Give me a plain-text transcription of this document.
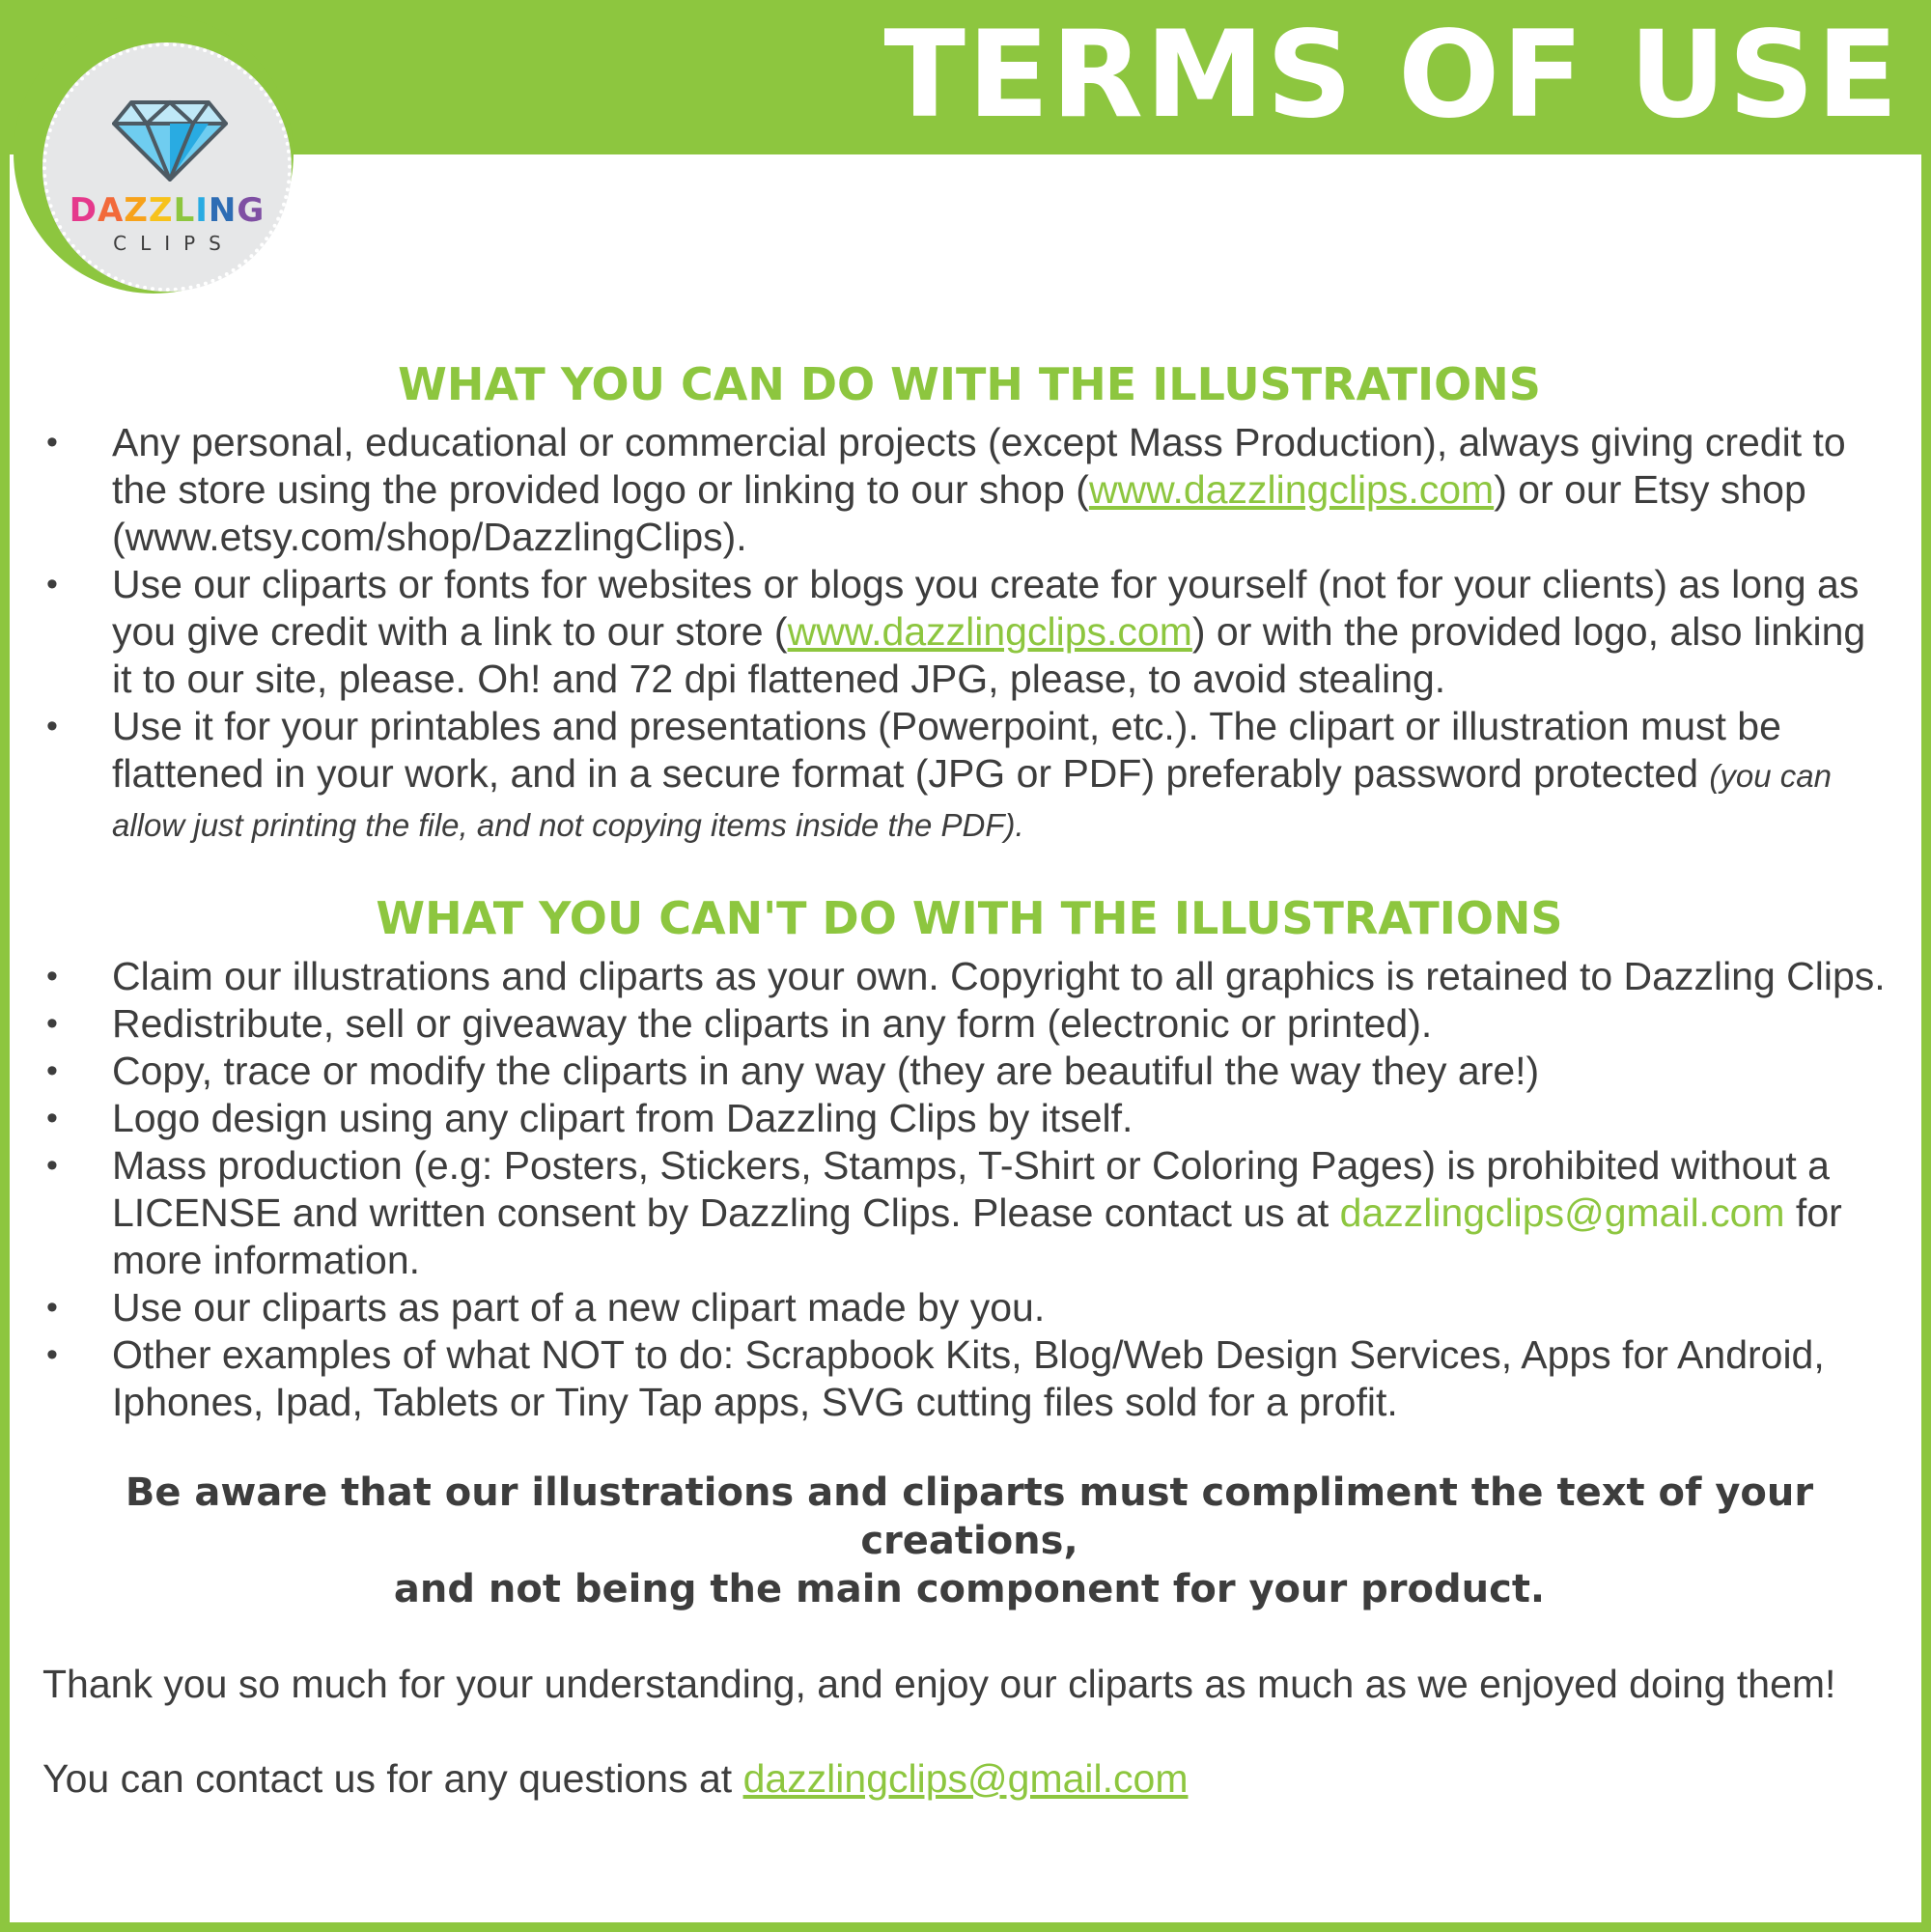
TERMS OF USE
DAZZLING
CLIPS
WHAT YOU CAN DO WITH THE ILLUSTRATIONS
• Any personal, educational or commercial projects (except Mass Production), always giving credit to the store using the provided logo or linking to our shop (www.dazzlingclips.com) or our Etsy shop (www.etsy.com/shop/DazzlingClips).
• Use our cliparts or fonts for websites or blogs you create for yourself (not for your clients) as long as you give credit with a link to our store (www.dazzlingclips.com) or with the provided logo, also linking it to our site, please. Oh! and 72 dpi flattened JPG, please, to avoid stealing.
• Use it for your printables and presentations (Powerpoint, etc.). The clipart or illustration must be flattened in your work, and in a secure format (JPG or PDF) preferably password protected (you can allow just printing the file, and not copying items inside the PDF).
WHAT YOU CAN'T DO WITH THE ILLUSTRATIONS
• Claim our illustrations and cliparts as your own. Copyright to all graphics is retained to Dazzling Clips.
• Redistribute, sell or giveaway the cliparts in any form (electronic or printed).
• Copy, trace or modify the cliparts in any way (they are beautiful the way they are!)
• Logo design using any clipart from Dazzling Clips by itself.
• Mass production (e.g: Posters, Stickers, Stamps, T-Shirt or Coloring Pages) is prohibited without a LICENSE and written consent by Dazzling Clips. Please contact us at dazzlingclips@gmail.com for more information.
• Use our cliparts as part of a new clipart made by you.
• Other examples of what NOT to do: Scrapbook Kits, Blog/Web Design Services, Apps for Android, Iphones, Ipad, Tablets or Tiny Tap apps, SVG cutting files sold for a profit.

Be aware that our illustrations and cliparts must compliment the text of your creations,
and not being the main component for your product.

Thank you so much for your understanding, and enjoy our cliparts as much as we enjoyed doing them!

You can contact us for any questions at dazzlingclips@gmail.com
